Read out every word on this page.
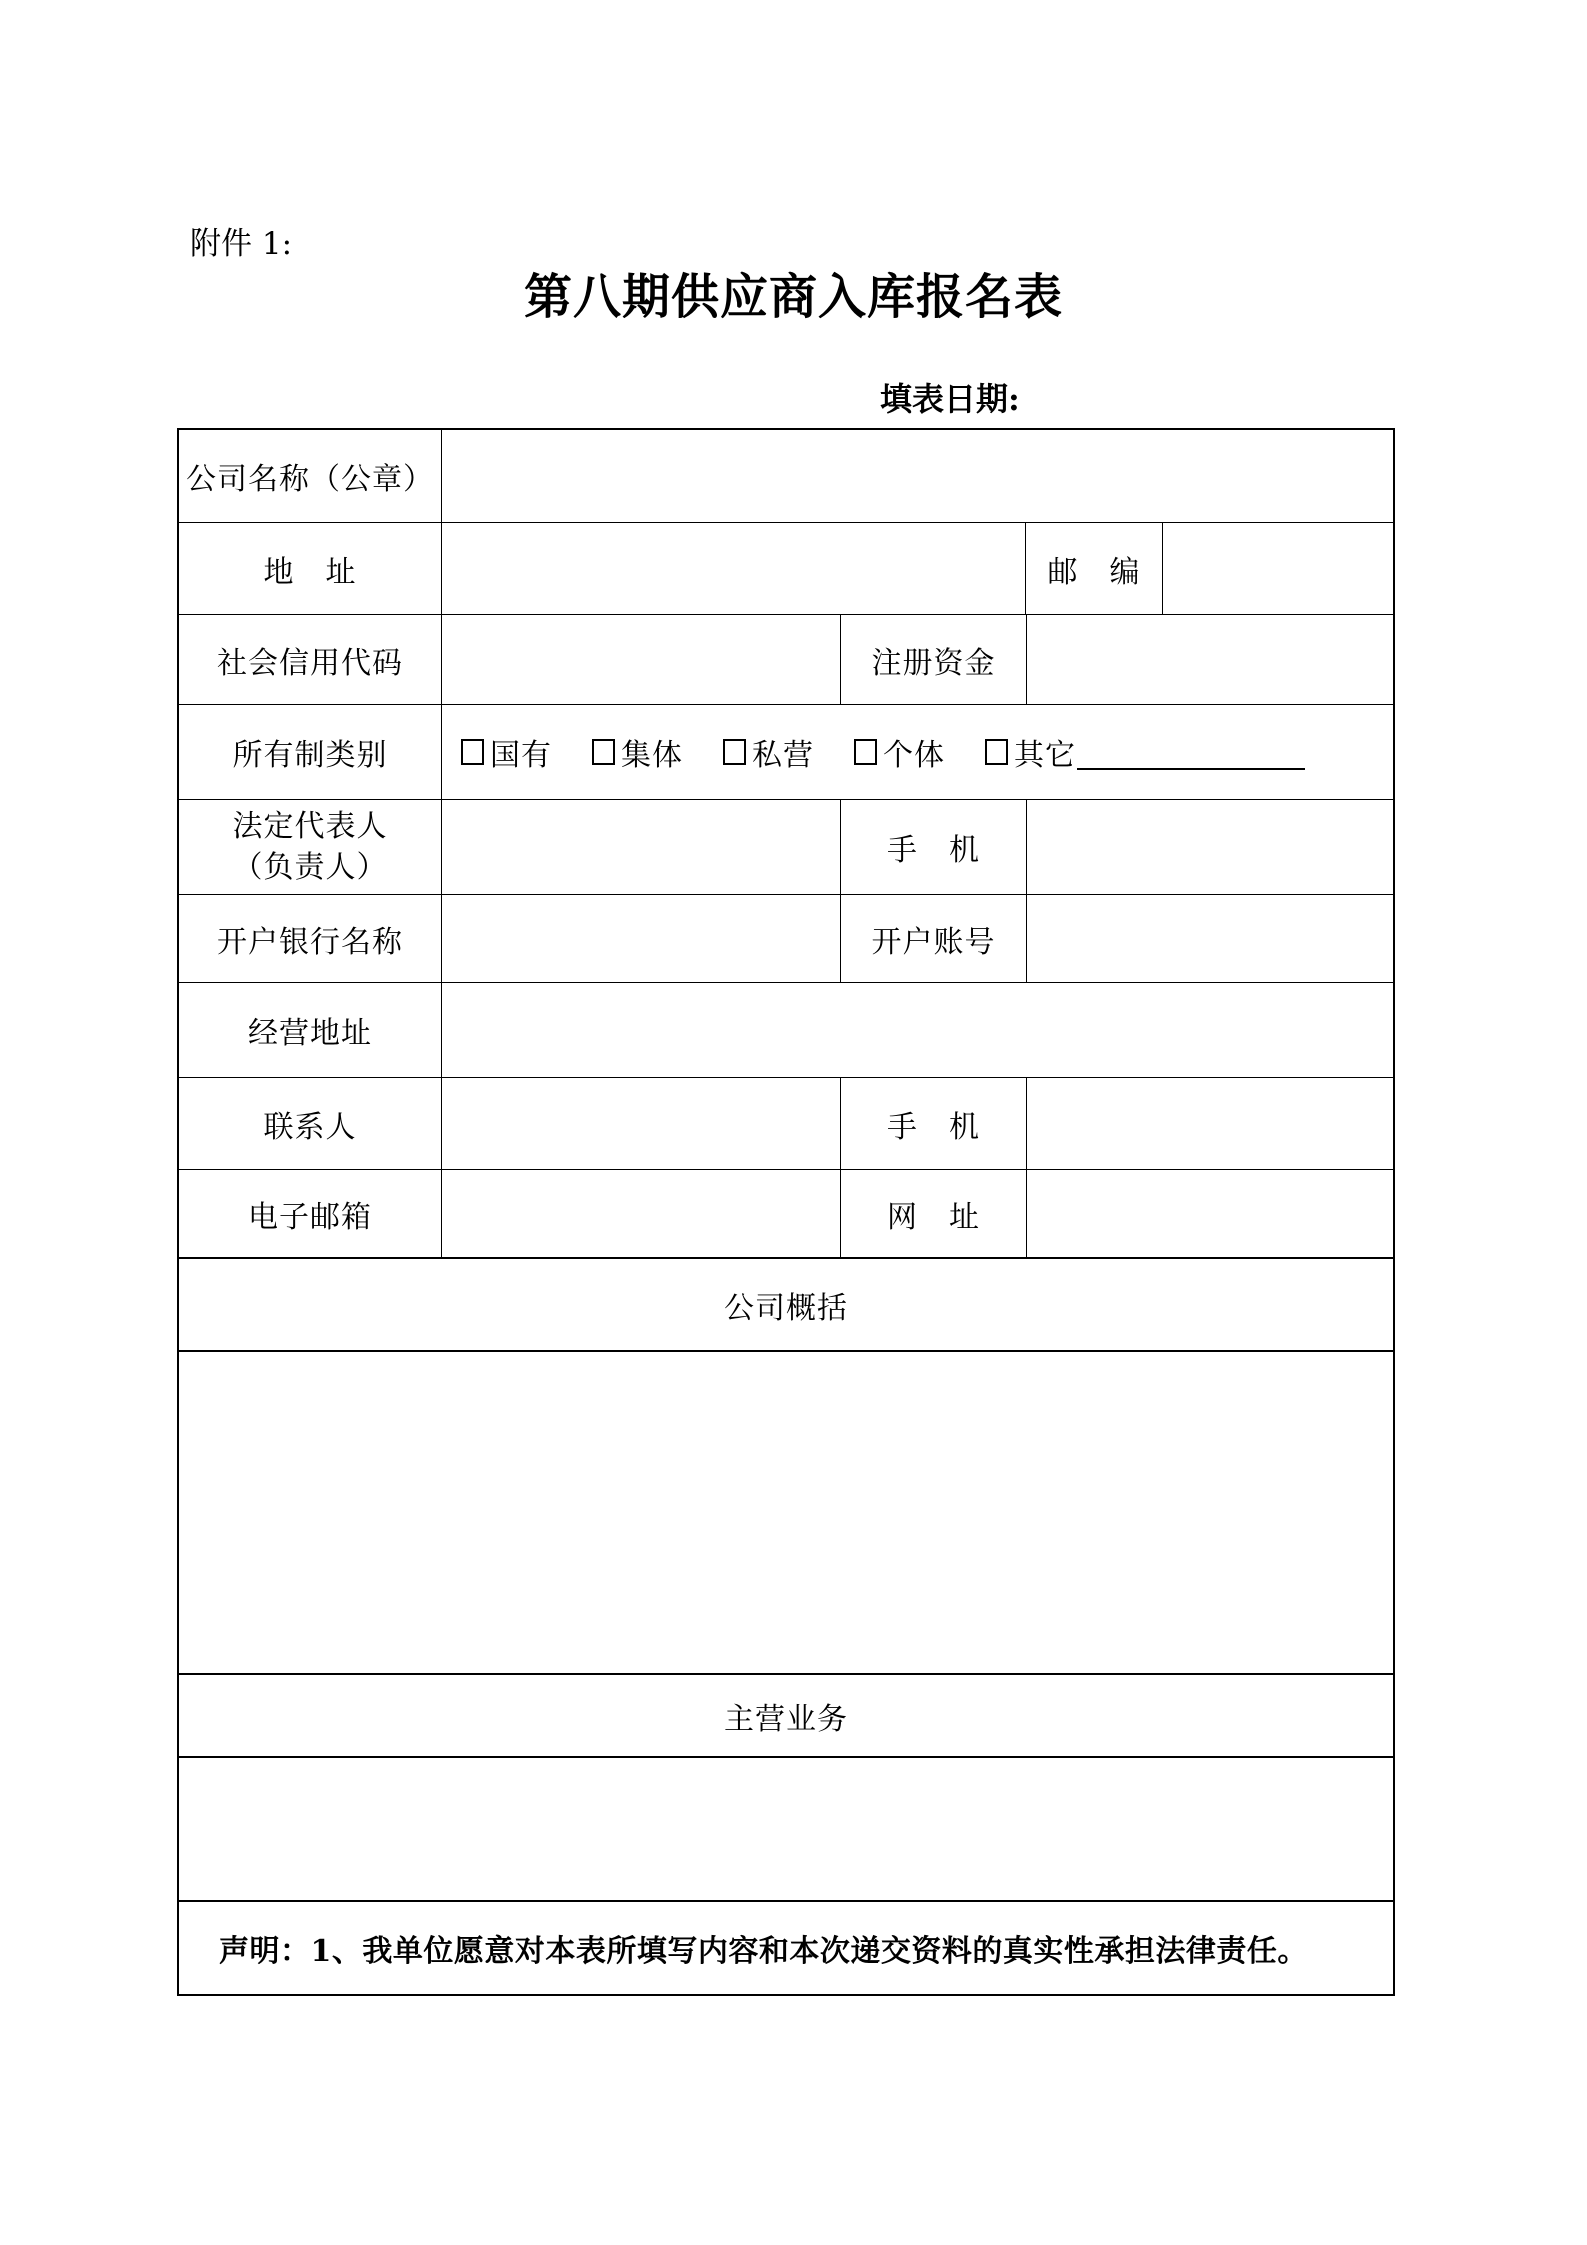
附件 1:
第八期供应商入库报名表
填表日期:
公司名称（公章）
地　址	邮　编
社会信用代码	注册资金
所有制类别	国有 集体 私营 个体 其它
法定代表人
（负责人）	手　机
开户银行名称	开户账号
经营地址
联系人	手　机
电子邮箱	网　址
公司概括
主营业务
声明：1、我单位愿意对本表所填写内容和本次递交资料的真实性承担法律责任。
